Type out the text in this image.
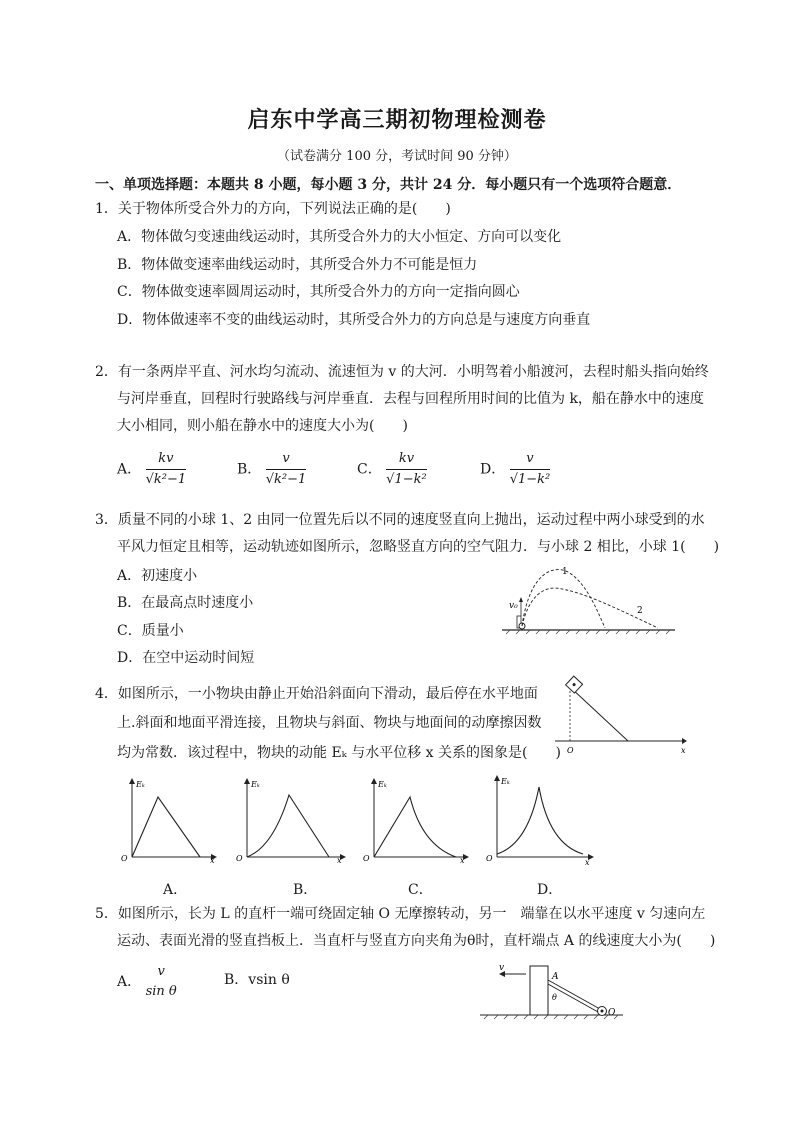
启东中学高三期初物理检测卷
（试卷满分 100 分，考试时间 90 分钟）
一、单项选择题：本题共 8 小题，每小题 3 分，共计 24 分．每小题只有一个选项符合题意．
1．关于物体所受合外力的方向，下列说法正确的是(　　)
A．物体做匀变速曲线运动时，其所受合外力的大小恒定、方向可以变化
B．物体做变速率曲线运动时，其所受合外力不可能是恒力
C．物体做变速率圆周运动时，其所受合外力的方向一定指向圆心
D．物体做速率不变的曲线运动时，其所受合外力的方向总是与速度方向垂直
2．有一条两岸平直、河水均匀流动、流速恒为 v 的大河．小明驾着小船渡河，去程时船头指向始终
与河岸垂直，回程时行驶路线与河岸垂直．去程与回程所用时间的比值为 k，船在静水中的速度
大小相同，则小船在静水中的速度大小为(　　)
A． $\frac{kv}{\text{√k²−1}}$	B． $\frac{v}{\text{√k²−1}}$	C． $\frac{kv}{\text{√1−k²}}$	D． $\frac{v}{\text{√1−k²}}$
3．质量不同的小球 1、2 由同一位置先后以不同的速度竖直向上抛出，运动过程中两小球受到的水
平风力恒定且相等，运动轨迹如图所示，忽略竖直方向的空气阻力．与小球 2 相比，小球 1(　　)
A．初速度小
B．在最高点时速度小
C．质量小
D．在空中运动时间短
v₀
1
2
4．如图所示，一小物块由静止开始沿斜面向下滑动，最后停在水平地面
上.斜面和地面平滑连接，且物块与斜面、物块与地面间的动摩擦因数
均为常数．该过程中，物块的动能 Eₖ 与水平位移 x 关系的图象是(　　) O	x
Eₖ
O	x
Eₖ
O	x
Eₖ
O	x
Eₖ
O	x
A．	B．	C．	D．
5．如图所示，长为 L 的直杆一端可绕固定轴 O 无摩擦转动，另一　端靠在以水平速度 v 匀速向左
运动、表面光滑的竖直挡板上．当直杆与竖直方向夹角为θ时，直杆端点 A 的线速度大小为(　　)
A．
v
sin θ
B．vsin θ
v
A
θ
O
